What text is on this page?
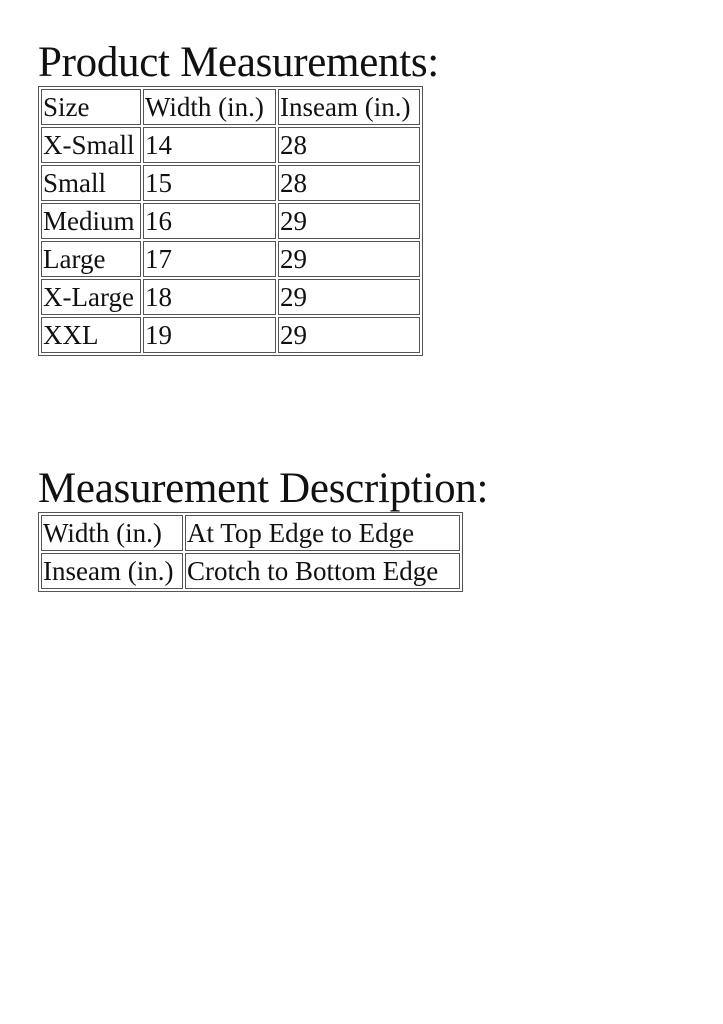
Product Measurements:
Size	Width (in.)	Inseam (in.)
X-Small	14	28
Small	15	28
Medium	16	29
Large	17	29
X-Large	18	29
XXL	19	29
Measurement Description:
Width (in.)	At Top Edge to Edge
Inseam (in.)	Crotch to Bottom Edge
